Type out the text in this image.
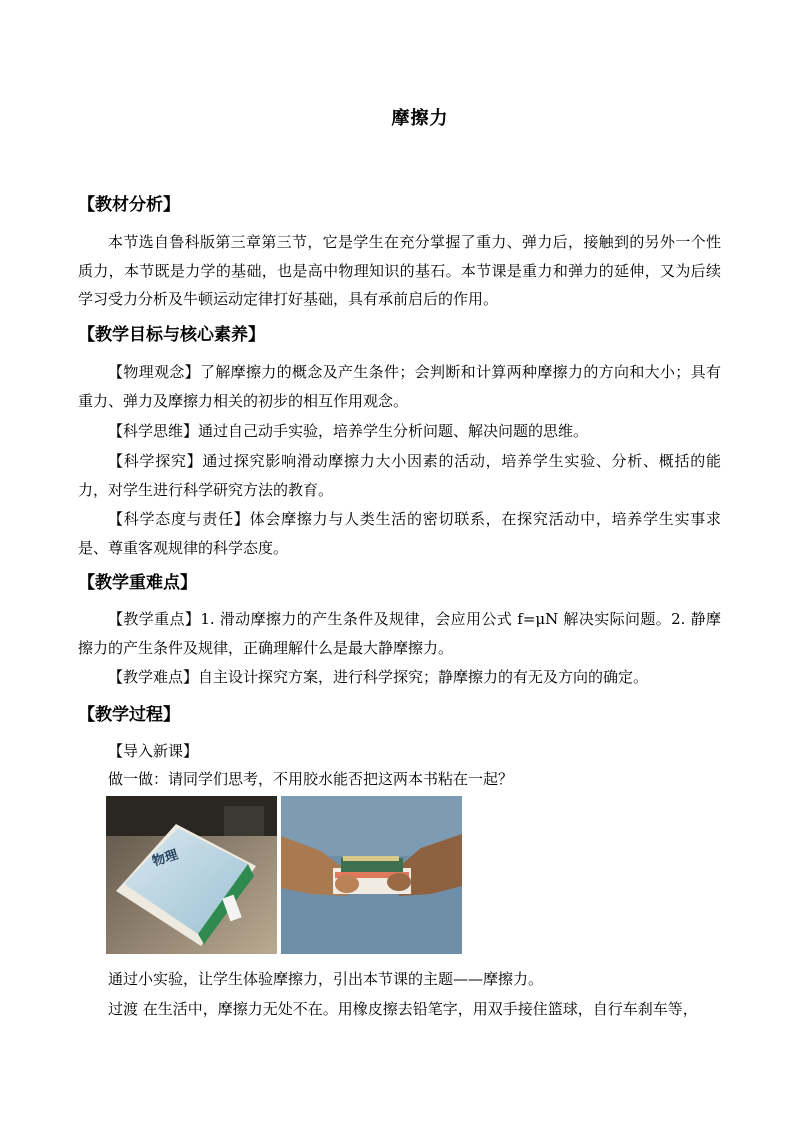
摩擦力
【教材分析】
本节选自鲁科版第三章第三节，它是学生在充分掌握了重力、弹力后，接触到的另外一个性质力，本节既是力学的基础，也是高中物理知识的基石。本节课是重力和弹力的延伸，又为后续学习受力分析及牛顿运动定律打好基础，具有承前启后的作用。
【教学目标与核心素养】
【物理观念】了解摩擦力的概念及产生条件；会判断和计算两种摩擦力的方向和大小；具有重力、弹力及摩擦力相关的初步的相互作用观念。
【科学思维】通过自己动手实验，培养学生分析问题、解决问题的思维。
【科学探究】通过探究影响滑动摩擦力大小因素的活动，培养学生实验、分析、概括的能力，对学生进行科学研究方法的教育。
【科学态度与责任】体会摩擦力与人类生活的密切联系，在探究活动中，培养学生实事求是、尊重客观规律的科学态度。
【教学重难点】
【教学重点】1. 滑动摩擦力的产生条件及规律，会应用公式 f=μN 解决实际问题。2. 静摩擦力的产生条件及规律，正确理解什么是最大静摩擦力。
【教学难点】自主设计探究方案，进行科学探究；静摩擦力的有无及方向的确定。
【教学过程】
【导入新课】
做一做：请同学们思考，不用胶水能否把这两本书粘在一起？
物理
通过小实验，让学生体验摩擦力，引出本节课的主题——摩擦力。
过渡 在生活中，摩擦力无处不在。用橡皮擦去铅笔字，用双手接住篮球，自行车刹车等，
